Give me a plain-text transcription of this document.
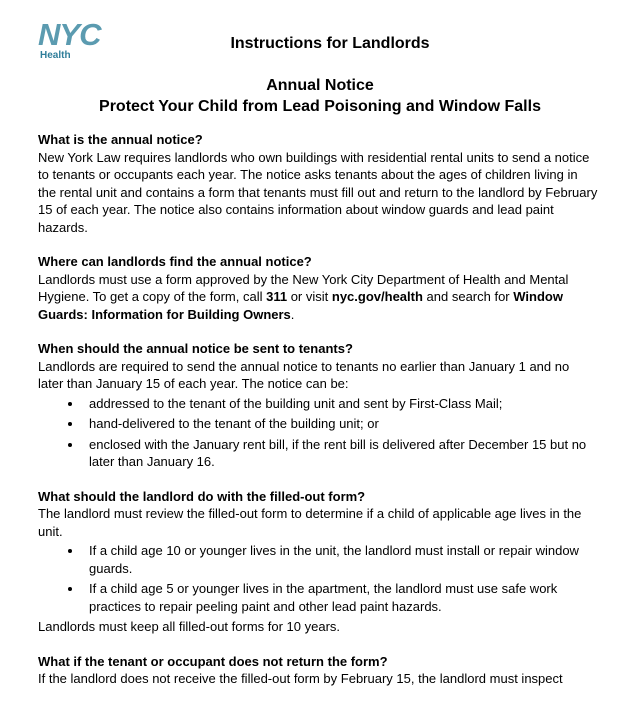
NYC
Health
Instructions for Landlords
Annual Notice
Protect Your Child from Lead Poisoning and Window Falls

What is the annual notice?

New York Law requires landlords who own buildings with residential rental units to send a notice to tenants or occupants each year. The notice asks tenants about the ages of children living in the rental unit and contains a form that tenants must fill out and return to the landlord by February 15 of each year. The notice also contains information about window guards and lead paint hazards.

Where can landlords find the annual notice?

Landlords must use a form approved by the New York City Department of Health and Mental Hygiene. To get a copy of the form, call 311 or visit nyc.gov/health and search for Window Guards: Information for Building Owners.

When should the annual notice be sent to tenants?

Landlords are required to send the annual notice to tenants no earlier than January 1 and no later than January 15 of each year. The notice can be:

• addressed to the tenant of the building unit and sent by First-Class Mail;
• hand-delivered to the tenant of the building unit; or
• enclosed with the January rent bill, if the rent bill is delivered after December 15 but no later than January 16.

What should the landlord do with the filled-out form?

The landlord must review the filled-out form to determine if a child of applicable age lives in the unit.

• If a child age 10 or younger lives in the unit, the landlord must install or repair window guards.
• If a child age 5 or younger lives in the apartment, the landlord must use safe work practices to repair peeling paint and other lead paint hazards.

Landlords must keep all filled-out forms for 10 years.

What if the tenant or occupant does not return the form?

If the landlord does not receive the filled-out form by February 15, the landlord must inspect
